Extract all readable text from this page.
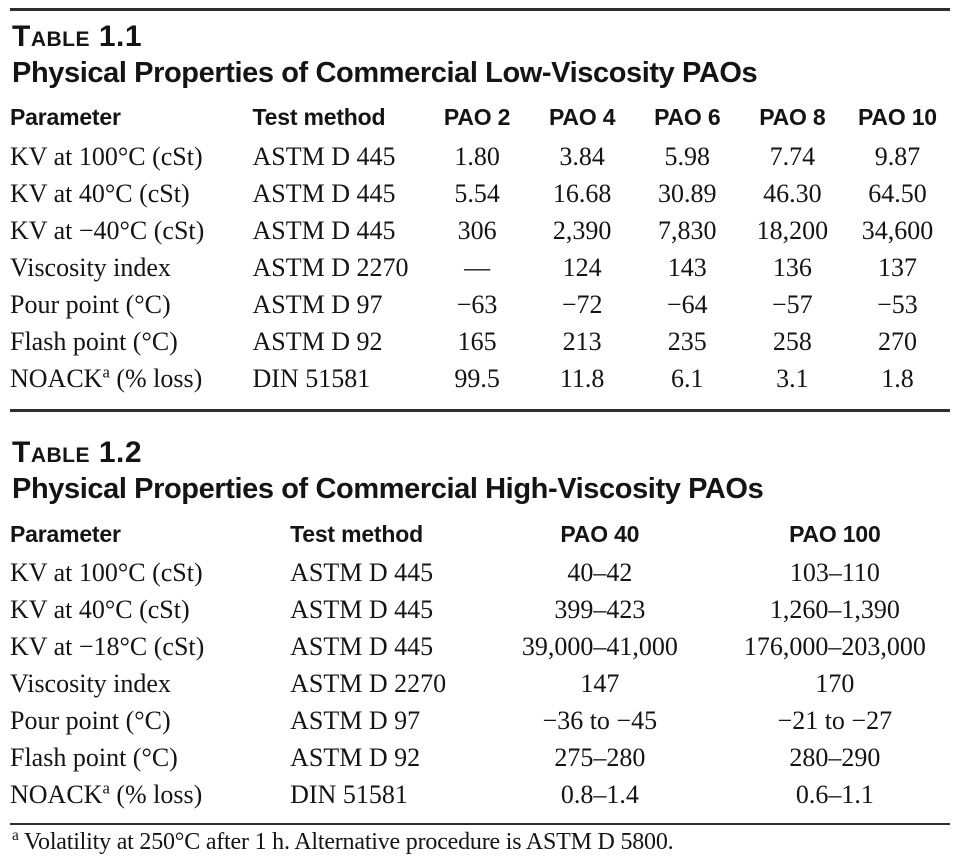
Table 1.1
Physical Properties of Commercial Low-Viscosity PAOs
Parameter	Test method	PAO 2	PAO 4	PAO 6	PAO 8	PAO 10
KV at 100°C (cSt)	ASTM D 445	1.80	3.84	5.98	7.74	9.87
KV at 40°C (cSt)	ASTM D 445	5.54	16.68	30.89	46.30	64.50
KV at −40°C (cSt)	ASTM D 445	306	2,390	7,830	18,200	34,600
Viscosity index	ASTM D 2270	—	124	143	136	137
Pour point (°C)	ASTM D 97	−63	−72	−64	−57	−53
Flash point (°C)	ASTM D 92	165	213	235	258	270
NOACK$^a$ (% loss)	DIN 51581	99.5	11.8	6.1	3.1	1.8
Table 1.2
Physical Properties of Commercial High-Viscosity PAOs
Parameter	Test method	PAO 40	PAO 100
KV at 100°C (cSt)	ASTM D 445	40–42	103–110
KV at 40°C (cSt)	ASTM D 445	399–423	1,260–1,390
KV at −18°C (cSt)	ASTM D 445	39,000–41,000	176,000–203,000
Viscosity index	ASTM D 2270	147	170
Pour point (°C)	ASTM D 97	−36 to −45	−21 to −27
Flash point (°C)	ASTM D 92	275–280	280–290
NOACK$^a$ (% loss)	DIN 51581	0.8–1.4	0.6–1.1
$^a$ Volatility at 250°C after 1 h. Alternative procedure is ASTM D 5800.
